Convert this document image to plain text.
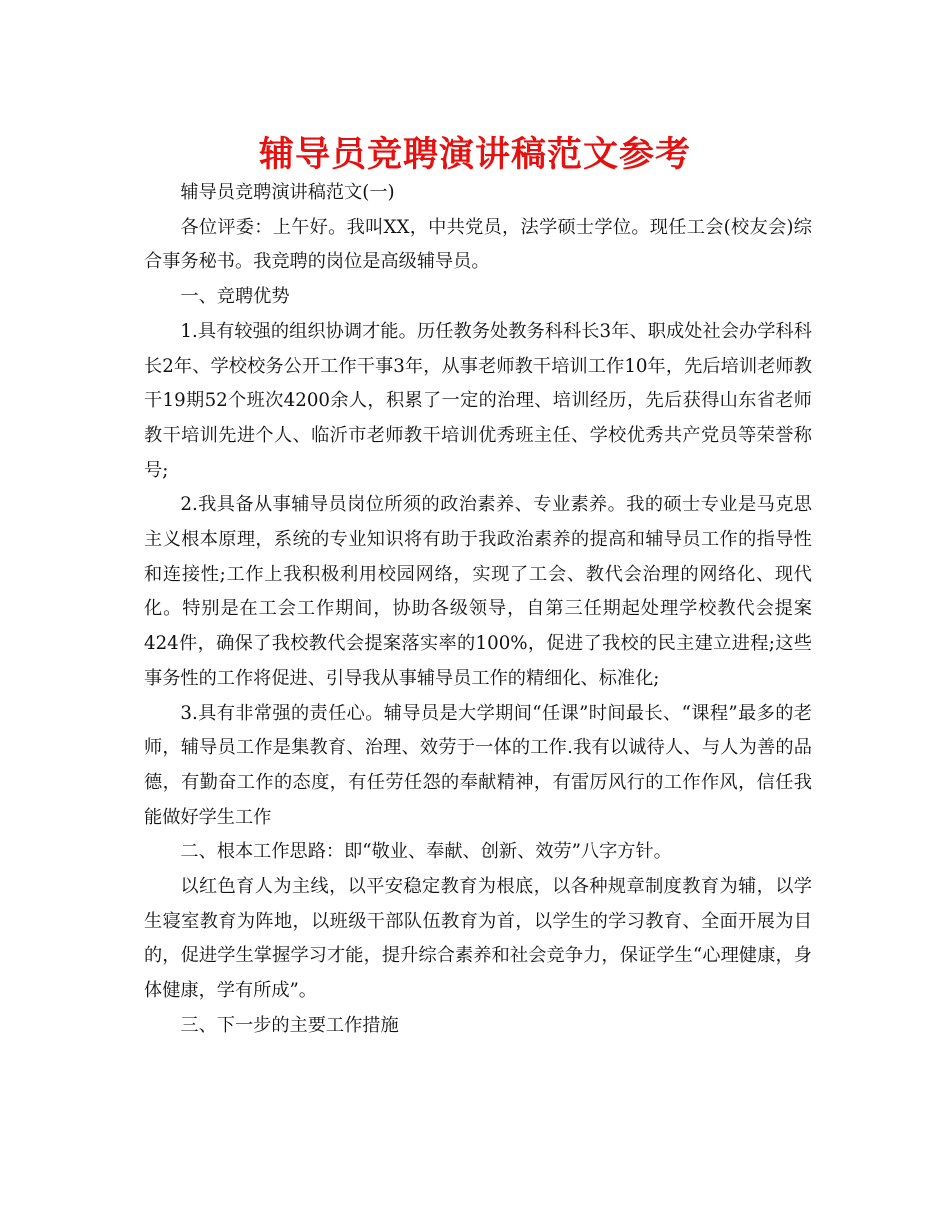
辅导员竞聘演讲稿范文参考

辅导员竞聘演讲稿范文(一)

各位评委：上午好。我叫XX，中共党员，法学硕士学位。现任工会(校友会)综合事务秘书。我竞聘的岗位是高级辅导员。

一、竞聘优势

1.具有较强的组织协调才能。历任教务处教务科科长3年、职成处社会办学科科长2年、学校校务公开工作干事3年，从事老师教干培训工作10年，先后培训老师教干19期52个班次4200余人，积累了一定的治理、培训经历，先后获得山东省老师教干培训先进个人、临沂市老师教干培训优秀班主任、学校优秀共产党员等荣誉称号;

2.我具备从事辅导员岗位所须的政治素养、专业素养。我的硕士专业是马克思主义根本原理，系统的专业知识将有助于我政治素养的提高和辅导员工作的指导性和连接性;工作上我积极利用校园网络，实现了工会、教代会治理的网络化、现代化。特别是在工会工作期间，协助各级领导，自第三任期起处理学校教代会提案424件，确保了我校教代会提案落实率的100%，促进了我校的民主建立进程;这些事务性的工作将促进、引导我从事辅导员工作的精细化、标准化;

3.具有非常强的责任心。辅导员是大学期间“任课”时间最长、“课程”最多的老师，辅导员工作是集教育、治理、效劳于一体的工作.我有以诚待人、与人为善的品德，有勤奋工作的态度，有任劳任怨的奉献精神，有雷厉风行的工作作风，信任我能做好学生工作

二、根本工作思路：即“敬业、奉献、创新、效劳”八字方针。

以红色育人为主线，以平安稳定教育为根底，以各种规章制度教育为辅，以学生寝室教育为阵地，以班级干部队伍教育为首，以学生的学习教育、全面开展为目的，促进学生掌握学习才能，提升综合素养和社会竞争力，保证学生“心理健康，身体健康，学有所成”。

三、下一步的主要工作措施
